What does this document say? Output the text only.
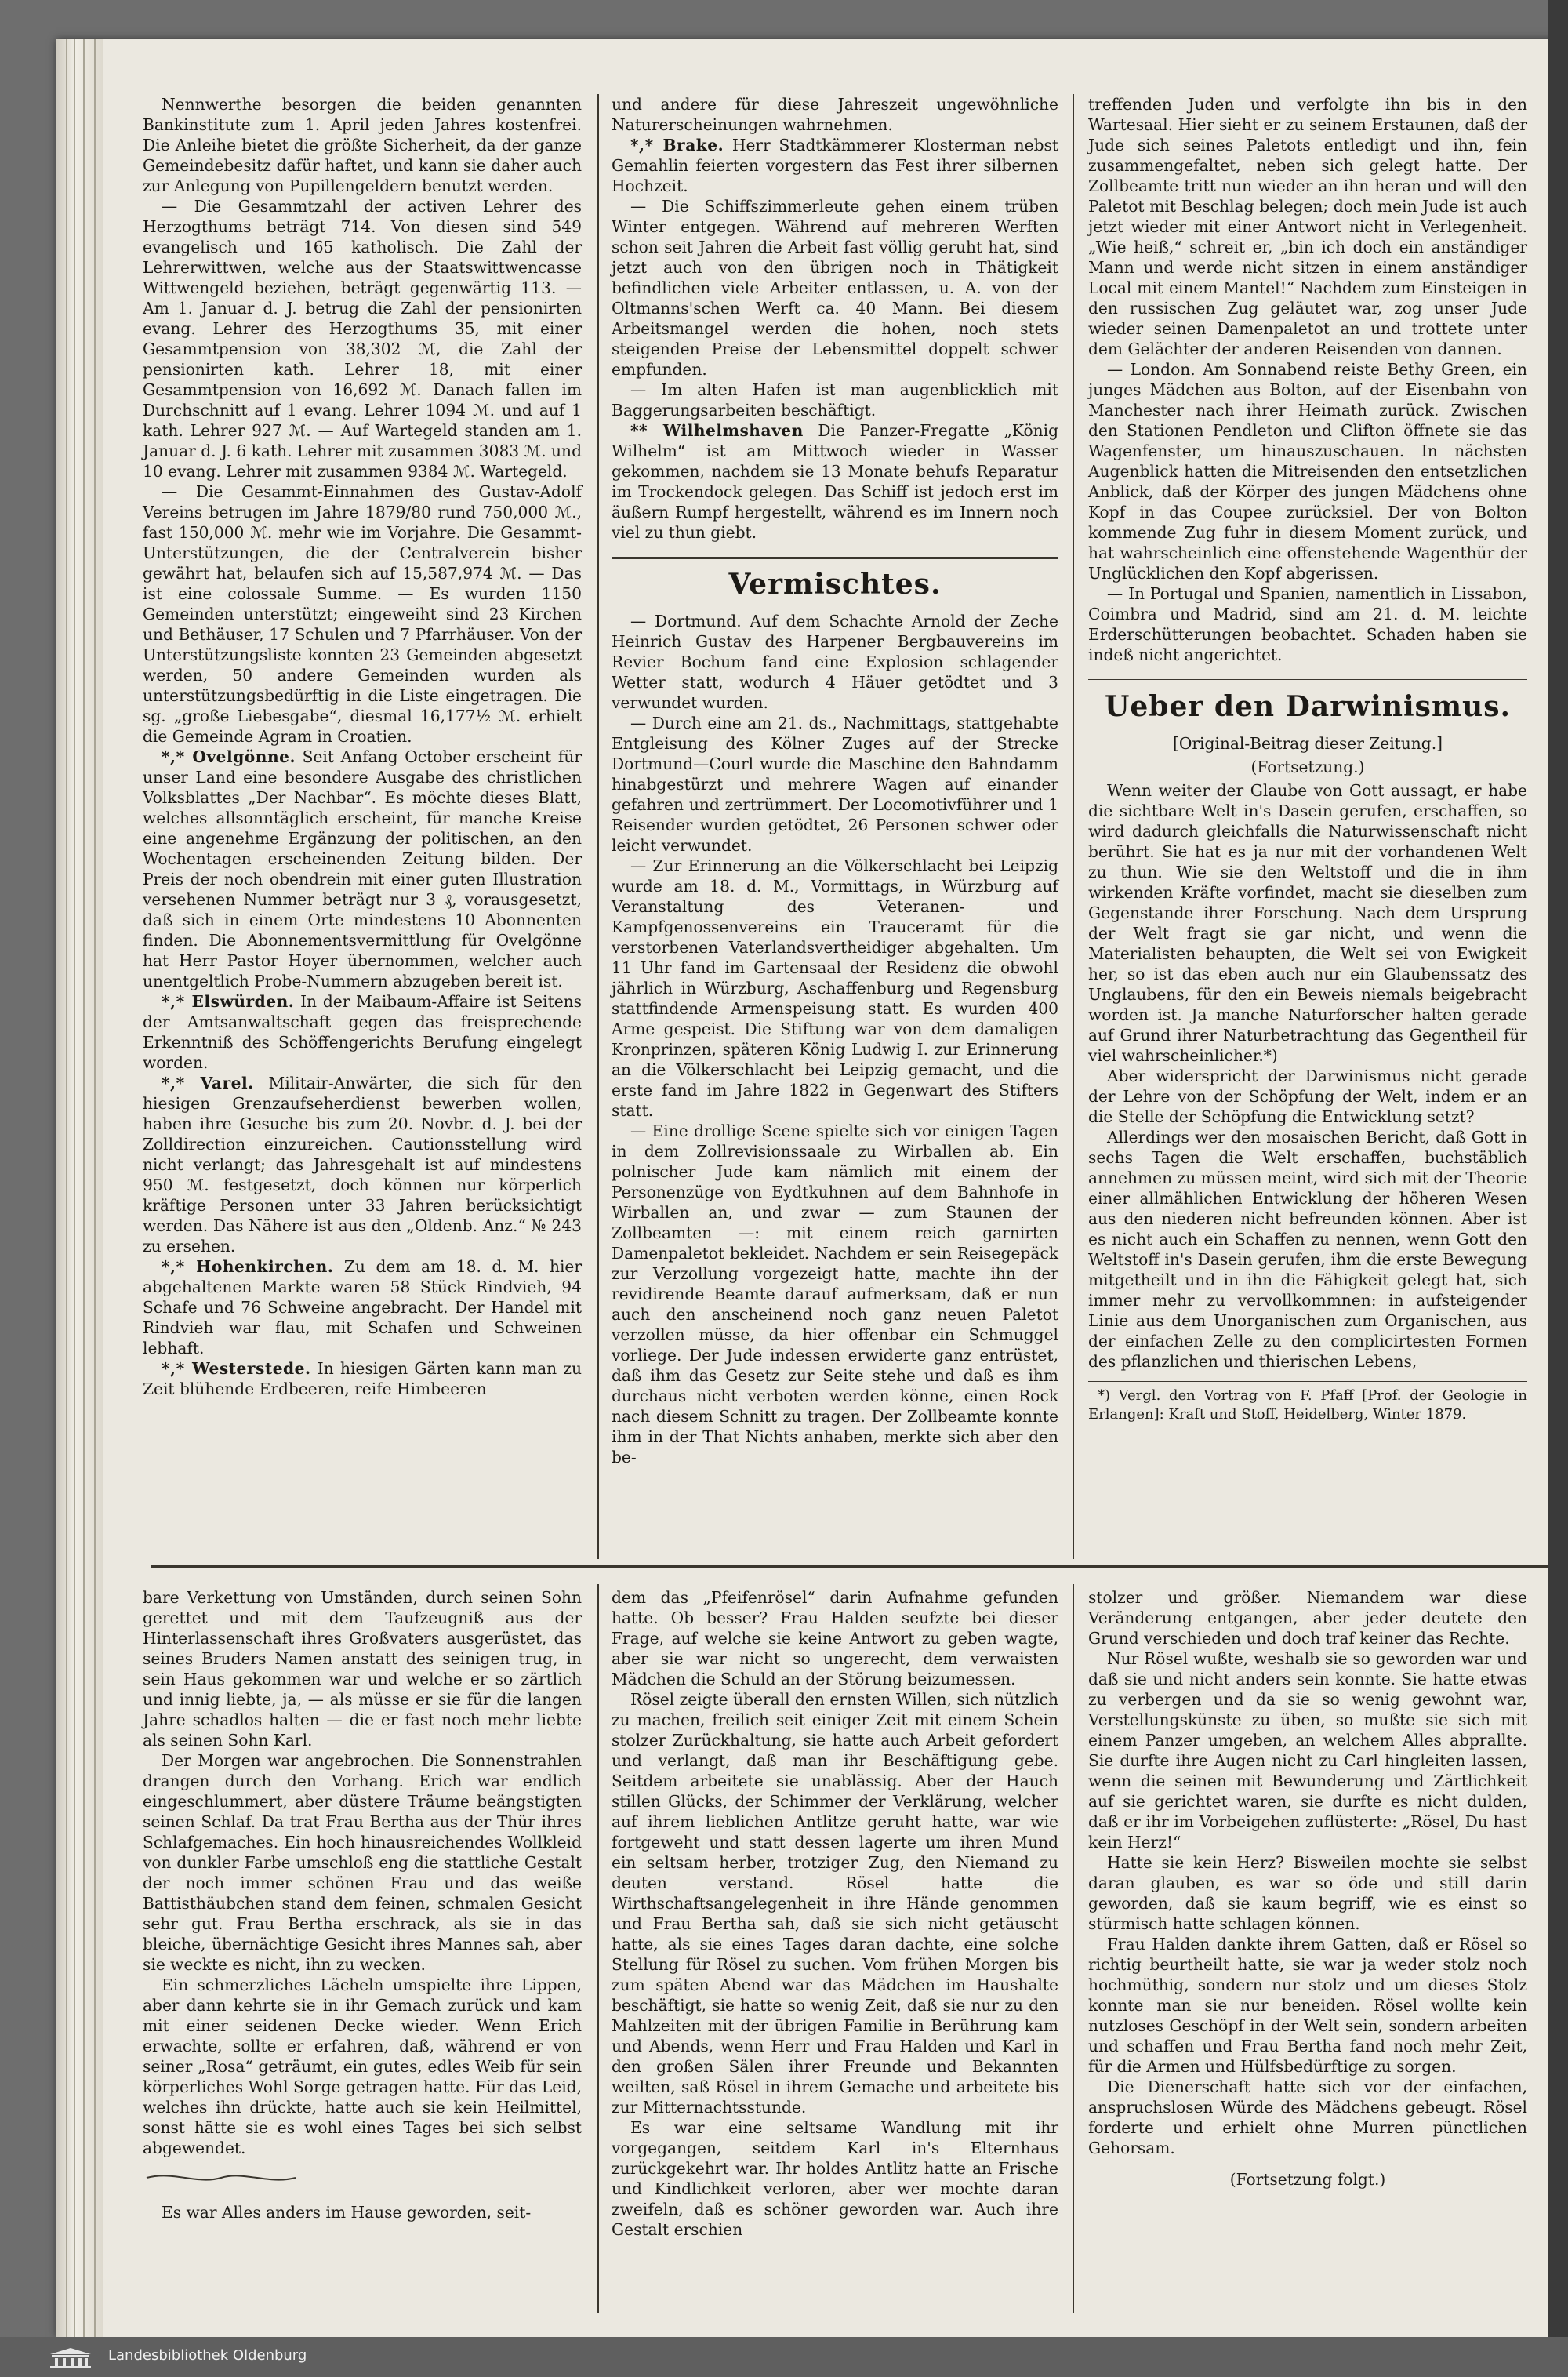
Nennwerthe besorgen die beiden genannten Bankinstitute zum 1. April jeden Jahres kostenfrei. Die Anleihe bietet die größte Sicherheit, da der ganze Gemeindebesitz dafür haftet, und kann sie daher auch zur Anlegung von Pupillengeldern benutzt werden.

— Die Gesammtzahl der activen Lehrer des Herzogthums beträgt 714. Von diesen sind 549 evangelisch und 165 katholisch. Die Zahl der Lehrerwittwen, welche aus der Staatswittwencasse Wittwengeld beziehen, beträgt gegenwärtig 113. — Am 1. Januar d. J. betrug die Zahl der pensionirten evang. Lehrer des Herzogthums 35, mit einer Gesammtpension von 38,302 ℳ, die Zahl der pensionirten kath. Lehrer 18, mit einer Gesammtpension von 16,692 ℳ. Danach fallen im Durchschnitt auf 1 evang. Lehrer 1094 ℳ. und auf 1 kath. Lehrer 927 ℳ. — Auf Wartegeld standen am 1. Januar d. J. 6 kath. Lehrer mit zusammen 3083 ℳ. und 10 evang. Lehrer mit zusammen 9384 ℳ. Wartegeld.

— Die Gesammt-Einnahmen des Gustav-Adolf Vereins betrugen im Jahre 1879/80 rund 750,000 ℳ., fast 150,000 ℳ. mehr wie im Vorjahre. Die Gesammt-Unterstützungen, die der Centralverein bisher gewährt hat, belaufen sich auf 15,587,974 ℳ. — Das ist eine colossale Summe. — Es wurden 1150 Gemeinden unterstützt; eingeweiht sind 23 Kirchen und Bethäuser, 17 Schulen und 7 Pfarrhäuser. Von der Unterstützungsliste konnten 23 Gemeinden abgesetzt werden, 50 andere Gemeinden wurden als unterstützungsbedürftig in die Liste eingetragen. Die sg. „große Liebesgabe“, diesmal 16,177½ ℳ. erhielt die Gemeinde Agram in Croatien.

*,* Ovelgönne. Seit Anfang October erscheint für unser Land eine besondere Ausgabe des christlichen Volksblattes „Der Nachbar“. Es möchte dieses Blatt, welches allsonntäglich erscheint, für manche Kreise eine angenehme Ergänzung der politischen, an den Wochentagen erscheinenden Zeitung bilden. Der Preis der noch obendrein mit einer guten Illustration versehenen Nummer beträgt nur 3 ₰, vorausgesetzt, daß sich in einem Orte mindestens 10 Abonnenten finden. Die Abonnementsvermittlung für Ovelgönne hat Herr Pastor Hoyer übernommen, welcher auch unentgeltlich Probe-Nummern abzugeben bereit ist.

*,* Elswürden. In der Maibaum-Affaire ist Seitens der Amtsanwaltschaft gegen das freisprechende Erkenntniß des Schöffengerichts Berufung eingelegt worden.

*,* Varel. Militair-Anwärter, die sich für den hiesigen Grenzaufseherdienst bewerben wollen, haben ihre Gesuche bis zum 20. Novbr. d. J. bei der Zolldirection einzureichen. Cautionsstellung wird nicht verlangt; das Jahresgehalt ist auf mindestens 950 ℳ. festgesetzt, doch können nur körperlich kräftige Personen unter 33 Jahren berücksichtigt werden. Das Nähere ist aus den „Oldenb. Anz.“ № 243 zu ersehen.

*,* Hohenkirchen. Zu dem am 18. d. M. hier abgehaltenen Markte waren 58 Stück Rindvieh, 94 Schafe und 76 Schweine angebracht. Der Handel mit Rindvieh war flau, mit Schafen und Schweinen lebhaft.

*,* Westerstede. In hiesigen Gärten kann man zu Zeit blühende Erdbeeren, reife Himbeeren

und andere für diese Jahreszeit ungewöhnliche Naturerscheinungen wahrnehmen.

*,* Brake. Herr Stadtkämmerer Klosterman nebst Gemahlin feierten vorgestern das Fest ihrer silbernen Hochzeit.

— Die Schiffszimmerleute gehen einem trüben Winter entgegen. Während auf mehreren Werften schon seit Jahren die Arbeit fast völlig geruht hat, sind jetzt auch von den übrigen noch in Thätigkeit befindlichen viele Arbeiter entlassen, u. A. von der Oltmanns'schen Werft ca. 40 Mann. Bei diesem Arbeitsmangel werden die hohen, noch stets steigenden Preise der Lebensmittel doppelt schwer empfunden.

— Im alten Hafen ist man augenblicklich mit Baggerungsarbeiten beschäftigt.

** Wilhelmshaven Die Panzer-Fregatte „König Wilhelm“ ist am Mittwoch wieder in Wasser gekommen, nachdem sie 13 Monate behufs Reparatur im Trockendock gelegen. Das Schiff ist jedoch erst im äußern Rumpf hergestellt, während es im Innern noch viel zu thun giebt.

Vermischtes.

— Dortmund. Auf dem Schachte Arnold der Zeche Heinrich Gustav des Harpener Bergbauvereins im Revier Bochum fand eine Explosion schlagender Wetter statt, wodurch 4 Häuer getödtet und 3 verwundet wurden.

— Durch eine am 21. ds., Nachmittags, stattgehabte Entgleisung des Kölner Zuges auf der Strecke Dortmund—Courl wurde die Maschine den Bahndamm hinabgestürzt und mehrere Wagen auf einander gefahren und zertrümmert. Der Locomotivführer und 1 Reisender wurden getödtet, 26 Personen schwer oder leicht verwundet.

— Zur Erinnerung an die Völkerschlacht bei Leipzig wurde am 18. d. M., Vormittags, in Würzburg auf Veranstaltung des Veteranen- und Kampfgenossenvereins ein Trauceramt für die verstorbenen Vaterlandsvertheidiger abgehalten. Um 11 Uhr fand im Gartensaal der Residenz die obwohl jährlich in Würzburg, Aschaffenburg und Regensburg stattfindende Armenspeisung statt. Es wurden 400 Arme gespeist. Die Stiftung war von dem damaligen Kronprinzen, späteren König Ludwig I. zur Erinnerung an die Völkerschlacht bei Leipzig gemacht, und die erste fand im Jahre 1822 in Gegenwart des Stifters statt.

— Eine drollige Scene spielte sich vor einigen Tagen in dem Zollrevisionssaale zu Wirballen ab. Ein polnischer Jude kam nämlich mit einem der Personenzüge von Eydtkuhnen auf dem Bahnhofe in Wirballen an, und zwar — zum Staunen der Zollbeamten —: mit einem reich garnirten Damenpaletot bekleidet. Nachdem er sein Reisegepäck zur Verzollung vorgezeigt hatte, machte ihn der revidirende Beamte darauf aufmerksam, daß er nun auch den anscheinend noch ganz neuen Paletot verzollen müsse, da hier offenbar ein Schmuggel vorliege. Der Jude indessen erwiderte ganz entrüstet, daß ihm das Gesetz zur Seite stehe und daß es ihm durchaus nicht verboten werden könne, einen Rock nach diesem Schnitt zu tragen. Der Zollbeamte konnte ihm in der That Nichts anhaben, merkte sich aber den be-

treffenden Juden und verfolgte ihn bis in den Wartesaal. Hier sieht er zu seinem Erstaunen, daß der Jude sich seines Paletots entledigt und ihn, fein zusammengefaltet, neben sich gelegt hatte. Der Zollbeamte tritt nun wieder an ihn heran und will den Paletot mit Beschlag belegen; doch mein Jude ist auch jetzt wieder mit einer Antwort nicht in Verlegenheit. „Wie heiß,“ schreit er, „bin ich doch ein anständiger Mann und werde nicht sitzen in einem anständiger Local mit einem Mantel!“ Nachdem zum Einsteigen in den russischen Zug geläutet war, zog unser Jude wieder seinen Damenpaletot an und trottete unter dem Gelächter der anderen Reisenden von dannen.

— London. Am Sonnabend reiste Bethy Green, ein junges Mädchen aus Bolton, auf der Eisenbahn von Manchester nach ihrer Heimath zurück. Zwischen den Stationen Pendleton und Clifton öffnete sie das Wagenfenster, um hinauszuschauen. In nächsten Augenblick hatten die Mitreisenden den entsetzlichen Anblick, daß der Körper des jungen Mädchens ohne Kopf in das Coupee zurücksiel. Der von Bolton kommende Zug fuhr in diesem Moment zurück, und hat wahrscheinlich eine offenstehende Wagenthür der Unglücklichen den Kopf abgerissen.

— In Portugal und Spanien, namentlich in Lissabon, Coimbra und Madrid, sind am 21. d. M. leichte Erderschütterungen beobachtet. Schaden haben sie indeß nicht angerichtet.

Ueber den Darwinismus.

[Original-Beitrag dieser Zeitung.]

(Fortsetzung.)

Wenn weiter der Glaube von Gott aussagt, er habe die sichtbare Welt in's Dasein gerufen, erschaffen, so wird dadurch gleichfalls die Naturwissenschaft nicht berührt. Sie hat es ja nur mit der vorhandenen Welt zu thun. Wie sie den Weltstoff und die in ihm wirkenden Kräfte vorfindet, macht sie dieselben zum Gegenstande ihrer Forschung. Nach dem Ursprung der Welt fragt sie gar nicht, und wenn die Materialisten behaupten, die Welt sei von Ewigkeit her, so ist das eben auch nur ein Glaubenssatz des Unglaubens, für den ein Beweis niemals beigebracht worden ist. Ja manche Naturforscher halten gerade auf Grund ihrer Naturbetrachtung das Gegentheil für viel wahrscheinlicher.*)

Aber widerspricht der Darwinismus nicht gerade der Lehre von der Schöpfung der Welt, indem er an die Stelle der Schöpfung die Entwicklung setzt?

Allerdings wer den mosaischen Bericht, daß Gott in sechs Tagen die Welt erschaffen, buchstäblich annehmen zu müssen meint, wird sich mit der Theorie einer allmählichen Entwicklung der höheren Wesen aus den niederen nicht befreunden können. Aber ist es nicht auch ein Schaffen zu nennen, wenn Gott den Weltstoff in's Dasein gerufen, ihm die erste Bewegung mitgetheilt und in ihn die Fähigkeit gelegt hat, sich immer mehr zu vervollkommnen: in aufsteigender Linie aus dem Unorganischen zum Organischen, aus der einfachen Zelle zu den complicirtesten Formen des pflanzlichen und thierischen Lebens,

*) Vergl. den Vortrag von F. Pfaff [Prof. der Geologie in Erlangen]: Kraft und Stoff, Heidelberg, Winter 1879.

bare Verkettung von Umständen, durch seinen Sohn gerettet und mit dem Taufzeugniß aus der Hinterlassenschaft ihres Großvaters ausgerüstet, das seines Bruders Namen anstatt des seinigen trug, in sein Haus gekommen war und welche er so zärtlich und innig liebte, ja, — als müsse er sie für die langen Jahre schadlos halten — die er fast noch mehr liebte als seinen Sohn Karl.

Der Morgen war angebrochen. Die Sonnenstrahlen drangen durch den Vorhang. Erich war endlich eingeschlummert, aber düstere Träume beängstigten seinen Schlaf. Da trat Frau Bertha aus der Thür ihres Schlafgemaches. Ein hoch hinausreichendes Wollkleid von dunkler Farbe umschloß eng die stattliche Gestalt der noch immer schönen Frau und das weiße Battisthäubchen stand dem feinen, schmalen Gesicht sehr gut. Frau Bertha erschrack, als sie in das bleiche, übernächtige Gesicht ihres Mannes sah, aber sie weckte es nicht, ihn zu wecken.

Ein schmerzliches Lächeln umspielte ihre Lippen, aber dann kehrte sie in ihr Gemach zurück und kam mit einer seidenen Decke wieder. Wenn Erich erwachte, sollte er erfahren, daß, während er von seiner „Rosa“ geträumt, ein gutes, edles Weib für sein körperliches Wohl Sorge getragen hatte. Für das Leid, welches ihn drückte, hatte auch sie kein Heilmittel, sonst hätte sie es wohl eines Tages bei sich selbst abgewendet.

Es war Alles anders im Hause geworden, seit-

dem das „Pfeifenrösel“ darin Aufnahme gefunden hatte. Ob besser? Frau Halden seufzte bei dieser Frage, auf welche sie keine Antwort zu geben wagte, aber sie war nicht so ungerecht, dem verwaisten Mädchen die Schuld an der Störung beizumessen.

Rösel zeigte überall den ernsten Willen, sich nützlich zu machen, freilich seit einiger Zeit mit einem Schein stolzer Zurückhaltung, sie hatte auch Arbeit gefordert und verlangt, daß man ihr Beschäftigung gebe. Seitdem arbeitete sie unablässig. Aber der Hauch stillen Glücks, der Schimmer der Verklärung, welcher auf ihrem lieblichen Antlitze geruht hatte, war wie fortgeweht und statt dessen lagerte um ihren Mund ein seltsam herber, trotziger Zug, den Niemand zu deuten verstand. Rösel hatte die Wirthschaftsangelegenheit in ihre Hände genommen und Frau Bertha sah, daß sie sich nicht getäuscht hatte, als sie eines Tages daran dachte, eine solche Stellung für Rösel zu suchen. Vom frühen Morgen bis zum späten Abend war das Mädchen im Haushalte beschäftigt, sie hatte so wenig Zeit, daß sie nur zu den Mahlzeiten mit der übrigen Familie in Berührung kam und Abends, wenn Herr und Frau Halden und Karl in den großen Sälen ihrer Freunde und Bekannten weilten, saß Rösel in ihrem Gemache und arbeitete bis zur Mitternachtsstunde.

Es war eine seltsame Wandlung mit ihr vorgegangen, seitdem Karl in's Elternhaus zurückgekehrt war. Ihr holdes Antlitz hatte an Frische und Kindlichkeit verloren, aber wer mochte daran zweifeln, daß es schöner geworden war. Auch ihre Gestalt erschien

stolzer und größer. Niemandem war diese Veränderung entgangen, aber jeder deutete den Grund verschieden und doch traf keiner das Rechte.

Nur Rösel wußte, weshalb sie so geworden war und daß sie und nicht anders sein konnte. Sie hatte etwas zu verbergen und da sie so wenig gewohnt war, Verstellungskünste zu üben, so mußte sie sich mit einem Panzer umgeben, an welchem Alles abprallte. Sie durfte ihre Augen nicht zu Carl hingleiten lassen, wenn die seinen mit Bewunderung und Zärtlichkeit auf sie gerichtet waren, sie durfte es nicht dulden, daß er ihr im Vorbeigehen zuflüsterte: „Rösel, Du hast kein Herz!“

Hatte sie kein Herz? Bisweilen mochte sie selbst daran glauben, es war so öde und still darin geworden, daß sie kaum begriff, wie es einst so stürmisch hatte schlagen können.

Frau Halden dankte ihrem Gatten, daß er Rösel so richtig beurtheilt hatte, sie war ja weder stolz noch hochmüthig, sondern nur stolz und um dieses Stolz konnte man sie nur beneiden. Rösel wollte kein nutzloses Geschöpf in der Welt sein, sondern arbeiten und schaffen und Frau Bertha fand noch mehr Zeit, für die Armen und Hülfsbedürftige zu sorgen.

Die Dienerschaft hatte sich vor der einfachen, anspruchslosen Würde des Mädchens gebeugt. Rösel forderte und erhielt ohne Murren pünctlichen Gehorsam.

(Fortsetzung folgt.)

Landesbibliothek Oldenburg
